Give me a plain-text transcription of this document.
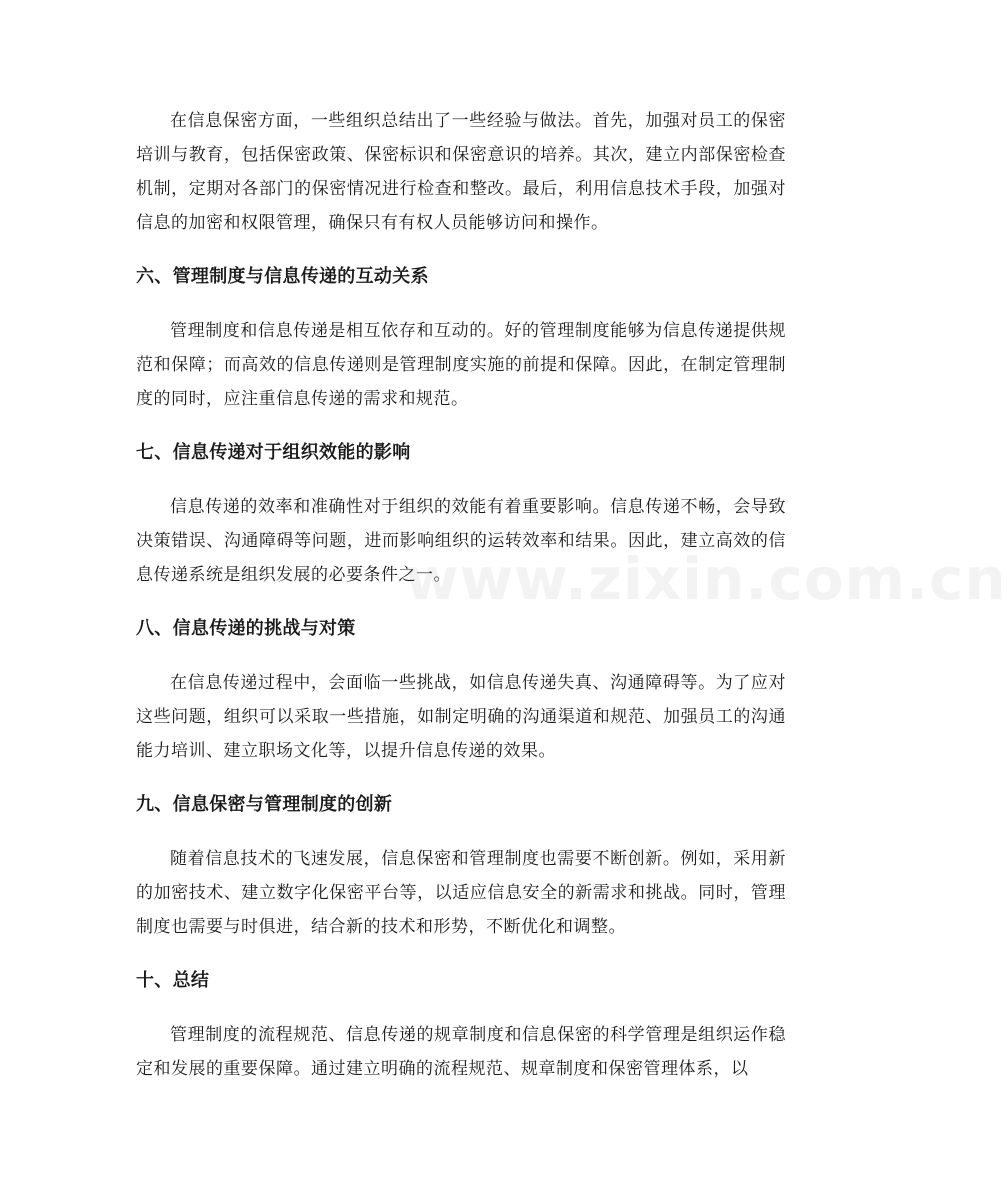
在信息保密方面，一些组织总结出了一些经验与做法。首先，加强对员工的保密培训与教育，包括保密政策、保密标识和保密意识的培养。其次，建立内部保密检查机制，定期对各部门的保密情况进行检查和整改。最后，利用信息技术手段，加强对信息的加密和权限管理，确保只有有权人员能够访问和操作。

六、管理制度与信息传递的互动关系

管理制度和信息传递是相互依存和互动的。好的管理制度能够为信息传递提供规范和保障；而高效的信息传递则是管理制度实施的前提和保障。因此，在制定管理制度的同时，应注重信息传递的需求和规范。

七、信息传递对于组织效能的影响

信息传递的效率和准确性对于组织的效能有着重要影响。信息传递不畅，会导致决策错误、沟通障碍等问题，进而影响组织的运转效率和结果。因此，建立高效的信息传递系统是组织发展的必要条件之一。

八、信息传递的挑战与对策

在信息传递过程中，会面临一些挑战，如信息传递失真、沟通障碍等。为了应对这些问题，组织可以采取一些措施，如制定明确的沟通渠道和规范、加强员工的沟通能力培训、建立职场文化等，以提升信息传递的效果。

九、信息保密与管理制度的创新

随着信息技术的飞速发展，信息保密和管理制度也需要不断创新。例如，采用新的加密技术、建立数字化保密平台等，以适应信息安全的新需求和挑战。同时，管理制度也需要与时俱进，结合新的技术和形势，不断优化和调整。

十、总结

管理制度的流程规范、信息传递的规章制度和信息保密的科学管理是组织运作稳定和发展的重要保障。通过建立明确的流程规范、规章制度和保密管理体系，以

www.zixin.com.cn
